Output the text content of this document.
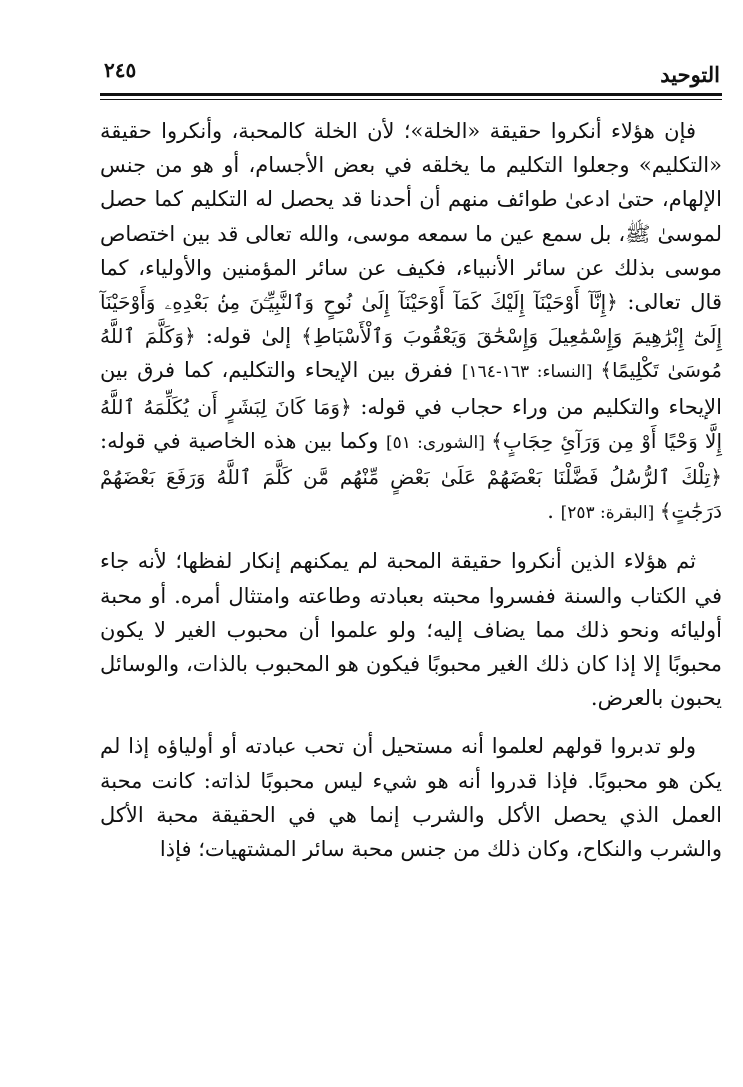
التوحيد
٢٤٥

فإن هؤلاء أنكروا حقيقة «الخلة»؛ لأن الخلة كالمحبة، وأنكروا حقيقة «التكليم» وجعلوا التكليم ما يخلقه في بعض الأجسام، أو هو من جنس الإلهام، حتىٰ ادعىٰ طوائف منهم أن أحدنا قد يحصل له التكليم كما حصل لموسىٰ ﷺ، بل سمع عين ما سمعه موسى، والله تعالى قد بين اختصاص موسى بذلك عن سائر الأنبياء، فكيف عن سائر المؤمنين والأولياء، كما قال تعالى: ﴿إِنَّآ أَوْحَيْنَآ إِلَيْكَ كَمَآ أَوْحَيْنَآ إِلَىٰ نُوحٍ وَٱلنَّبِيِّـۧنَ مِنۢ بَعْدِهِۦ وَأَوْحَيْنَآ إِلَىٰٓ إِبْرَٰهِيمَ وَإِسْمَٰعِيلَ وَإِسْحَٰقَ وَيَعْقُوبَ وَٱلْأَسْبَاطِ﴾ إلىٰ قوله: ﴿وَكَلَّمَ ٱللَّهُ مُوسَىٰ تَكْلِيمًا﴾ [النساء: ١٦٣-١٦٤] ففرق بين الإيحاء والتكليم، كما فرق بين الإيحاء والتكليم من وراء حجاب في قوله: ﴿وَمَا كَانَ لِبَشَرٍ أَن يُكَلِّمَهُ ٱللَّهُ إِلَّا وَحْيًا أَوْ مِن وَرَآئِ حِجَابٍ﴾ [الشورى: ٥١] وكما بين هذه الخاصية في قوله: ﴿تِلْكَ ٱلرُّسُلُ فَضَّلْنَا بَعْضَهُمْ عَلَىٰ بَعْضٍ مِّنْهُم مَّن كَلَّمَ ٱللَّهُ وَرَفَعَ بَعْضَهُمْ دَرَجَٰتٍ﴾ [البقرة: ٢٥٣] .

ثم هؤلاء الذين أنكروا حقيقة المحبة لم يمكنهم إنكار لفظها؛ لأنه جاء في الكتاب والسنة ففسروا محبته بعبادته وطاعته وامتثال أمره. أو محبة أوليائه ونحو ذلك مما يضاف إليه؛ ولو علموا أن محبوب الغير لا يكون محبوبًا إلا إذا كان ذلك الغير محبوبًا فيكون هو المحبوب بالذات، والوسائل يحبون بالعرض.

ولو تدبروا قولهم لعلموا أنه مستحيل أن تحب عبادته أو أولياؤه إذا لم يكن هو محبوبًا. فإذا قدروا أنه هو شيء ليس محبوبًا لذاته: كانت محبة العمل الذي يحصل الأكل والشرب إنما هي في الحقيقة محبة الأكل والشرب والنكاح، وكان ذلك من جنس محبة سائر المشتهيات؛ فإذا
